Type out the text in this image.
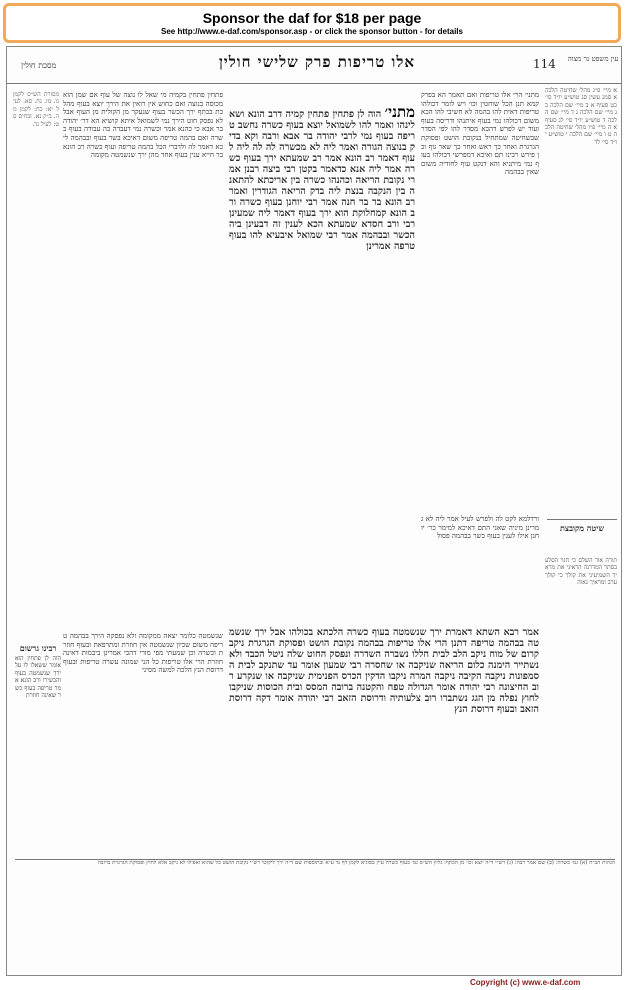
Sponsor the daf for $18 per page
See http://www.e-daf.com/sponsor.asp - or click the sponsor button - for details
מסכת חולין	אלו טריפות פרק שלישי חולין	114 עין משפט נר מצוה
מסורת הש״ס לקמן נו. מז. נח. סא. לעיל יא: כח: לקמן מה. ב״ק נא. זבחים סט: לעיל נד.
פתחין פתחין בקמיה מי שאל לו נוצה של עוף אם שמן הוא מכוסה בנוצה ואם כחוש אין רואין את הירך יוצא בעוף מהלכת בכתף ירך הכשר בעוף שנעקר מן הקולית מן העוף אבל לא נפסק חוט הירך נמי לשמואל איתא קושיא הא דר׳ יהודה בר אבא כי כהנא אמר וכשרה נמי דעבדה בה עבודה בעוף כשרה ואם בהמה טריפה משום דאיכא בשר בעוף ובבהמה ליכא דאמר לה ולדברי הכל בהמה טריפה ועוף כשרה רב הונא בר חייא ענין בעוף אחד מהן ירך שנשמטה מקומה
שנשמטה כלומר יצאה ממקומה ולא נפסקה הירך בבהמה טריפה משום שכיון שנשמטה אין חוזרת ומתרפאת ובעוף חוזרת וכשרה וכן שמעתי מפי מורי דהכי אמרינן ביבמות דאינה חוזרת הרי אלו טריפות כל הני שמונה עשרה טריפות ובעוף דרוסת הנץ הלכה למשה מסיני
מתני׳ הוה לן פתחין פתחין קמיה דרב הונא ושאלינהו ואמר להו לשמואל יוצא בעוף כשרה נחשב טריפה בעוף נמי לרבי יהודה בר אבא ורבה וקא בדיק בנוצה הגורה ואמר ליה לא מכשרה לה לה ליה לעוף דאמר רב הונא אמר רב שמעתא ירך בעוף כשרה אמר ליה אנא כדאמר בקטן רבי ביצה רבנן אמרי נקובת הריאה וכהנהו כשרה בין אריכתא להתאנה בין הנקבה בנצת ליה בדק הריאה הגודרין ואמר רב הונא בר בר חנה אמר רבי יוחנן בעוף כשרה ורב הונא קמחלוקת הוא ירך בעוף דאמר ליה שמעינן רבי ורב חסדא שמעתא הכא לענין זה דבעינן ביה הכשר ובבהמה אמר רבי שמואל איבעיא להו בעוף טרפה אמרינן
אמר רבא השתא דאמרת ירך שנשמטה בעוף כשרה הלכתא בכולהו אבל ירך שנשמטה בבהמה טריפה דתנן הרי אלו טריפות בבהמה נקובת הושט ופסוקת הגרגרת ניקב קרום של מוח ניקב הלב לבית חללו נשברה השדרה ונפסק החוט שלה ניטל הכבד ולא נשתייר הימנה כלום הריאה שניקבה או שחסרה רבי שמעון אומר עד שתנקב לבית הסמפונות ניקבה הקיבה ניקבה המרה ניקבו הדקין הכרס הפנימית שניקבה או שנקרע רוב החיצונה רבי יהודה אומר הגדולה טפח והקטנה ברובה המסס ובית הכוסות שניקבו לחוץ נפלה מן הגג נשתברו רוב צלעותיה ודרוסת הזאב רבי יהודה אומר דקה דרוסת הזאב ובעוף דרוסת הנץ
מתני׳ הרי אלו טריפות ואם תאמר הא בפרק קמא תנן הכל שוחטין וכו׳ ויש לומר דכולהו טריפות דאית להו בהמה לא חשיבי להו הכא משום דכולהו נמי בעוף איתנהו ודריסה בעוף ועוד יש לפרש דהכא מסדר להו לפי הסדר שבשחיטה שמתחיל בנקובת הושט ופסוקת הגרגרת ואחר כך ראש ואחר כך שאר גוף וכן פירש רבינו תם ואיכא דמפרשי דכולהו בעוף נמי מיתניא והא דנקט עוף לחודיה משום שאין בבהמה
ורדלמא לקט לה ולפרש לעיל אמר ליה לא גמרינן מיניה שאני התם דאיכא למימר כר׳ יוחנן אילו לענין בעוף כשר בבהמה פסול
א מיי׳ פ״ג מהל׳ שחיטה הלכה א סמג עשין סג טוש״ע יו״ד סי׳ כט סעיף א ב מיי׳ שם הלכה ב ג מיי׳ שם הלכה ג ד מיי׳ שם הלכה ד טוש״ע יו״ד סי׳ לג סעיף א ה מיי׳ פ״ו מהל׳ שחיטה הלכה ט ו מיי׳ שם הלכה י טוש״ע יו״ד סי׳ לד
שיטה מקובצת
תורה אור השלם כי חגוי הסלע בסתר המדרגה הראיני את מראיך השמיעיני את קולך כי קולך ערב ומראיך נאוה
רבינו גרשום
הוה לן פתחין הוא אומר ששאלו לו על ירך שנשמטה בעוף והכשירו ורב הונא אמר טריפה בעוף כשר שאינה חוזרת
הגהות הב״ח (א) גמ׳ כשרה: (ב) שם אמר רבה: (ג) רש״י ד״ה יוצא וכו׳ מן הכתף: גליון הש״ס גמ׳ בעוף כשרה עיין בסוגיא לקמן דף נד ע״א ובתוספות שם ד״ה ירך ליקוטי רש״י נקובת הושט כל שהוא ואפילו לא ניקב אלא לחוץ ופסוקת הגרגרת ברובה
Copyright (c) www.e-daf.com
